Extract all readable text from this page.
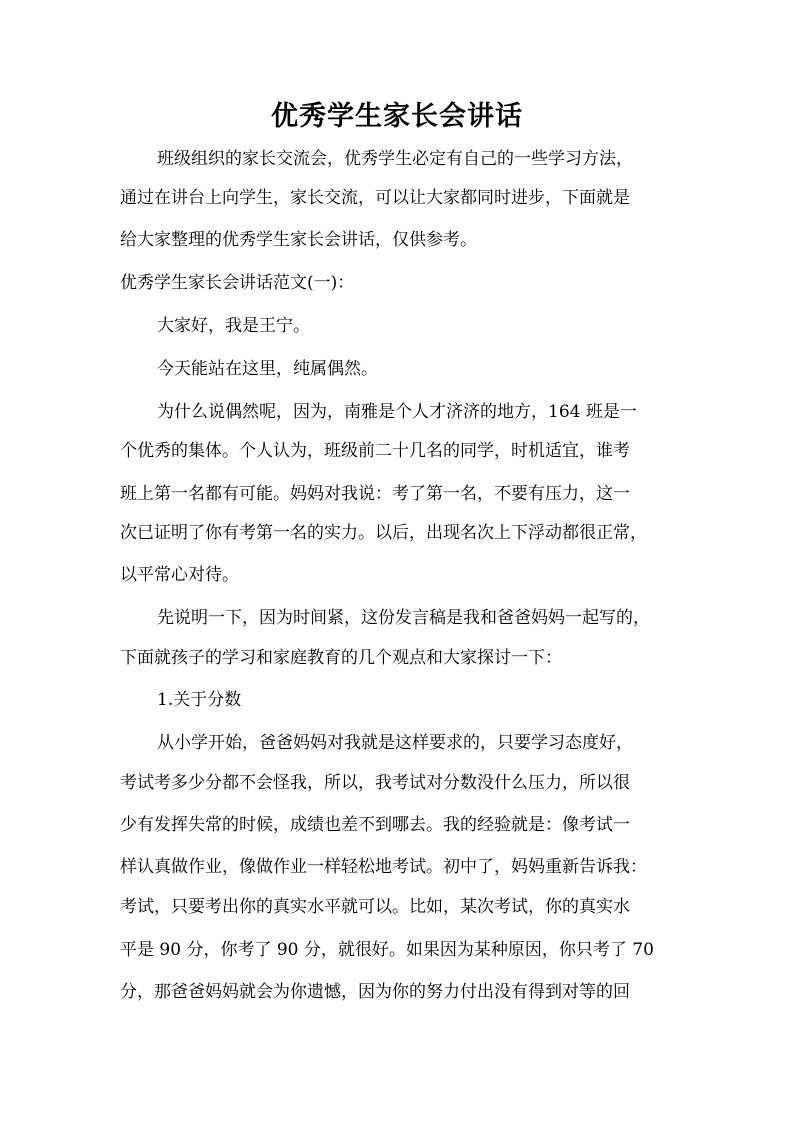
优秀学生家长会讲话

班级组织的家长交流会，优秀学生必定有自己的一些学习方法，

通过在讲台上向学生，家长交流，可以让大家都同时进步，下面就是

给大家整理的优秀学生家长会讲话，仅供参考。

优秀学生家长会讲话范文(一)：

大家好，我是王宁。

今天能站在这里，纯属偶然。

为什么说偶然呢，因为，南雅是个人才济济的地方，164 班是一

个优秀的集体。个人认为，班级前二十几名的同学，时机适宜，谁考

班上第一名都有可能。妈妈对我说：考了第一名，不要有压力，这一

次已证明了你有考第一名的实力。以后，出现名次上下浮动都很正常，

以平常心对待。

先说明一下，因为时间紧，这份发言稿是我和爸爸妈妈一起写的，

下面就孩子的学习和家庭教育的几个观点和大家探讨一下：

1.关于分数

从小学开始，爸爸妈妈对我就是这样要求的，只要学习态度好，

考试考多少分都不会怪我，所以，我考试对分数没什么压力，所以很

少有发挥失常的时候，成绩也差不到哪去。我的经验就是：像考试一

样认真做作业，像做作业一样轻松地考试。初中了，妈妈重新告诉我：

考试，只要考出你的真实水平就可以。比如，某次考试，你的真实水

平是 90 分，你考了 90 分，就很好。如果因为某种原因，你只考了 70

分，那爸爸妈妈就会为你遗憾，因为你的努力付出没有得到对等的回
